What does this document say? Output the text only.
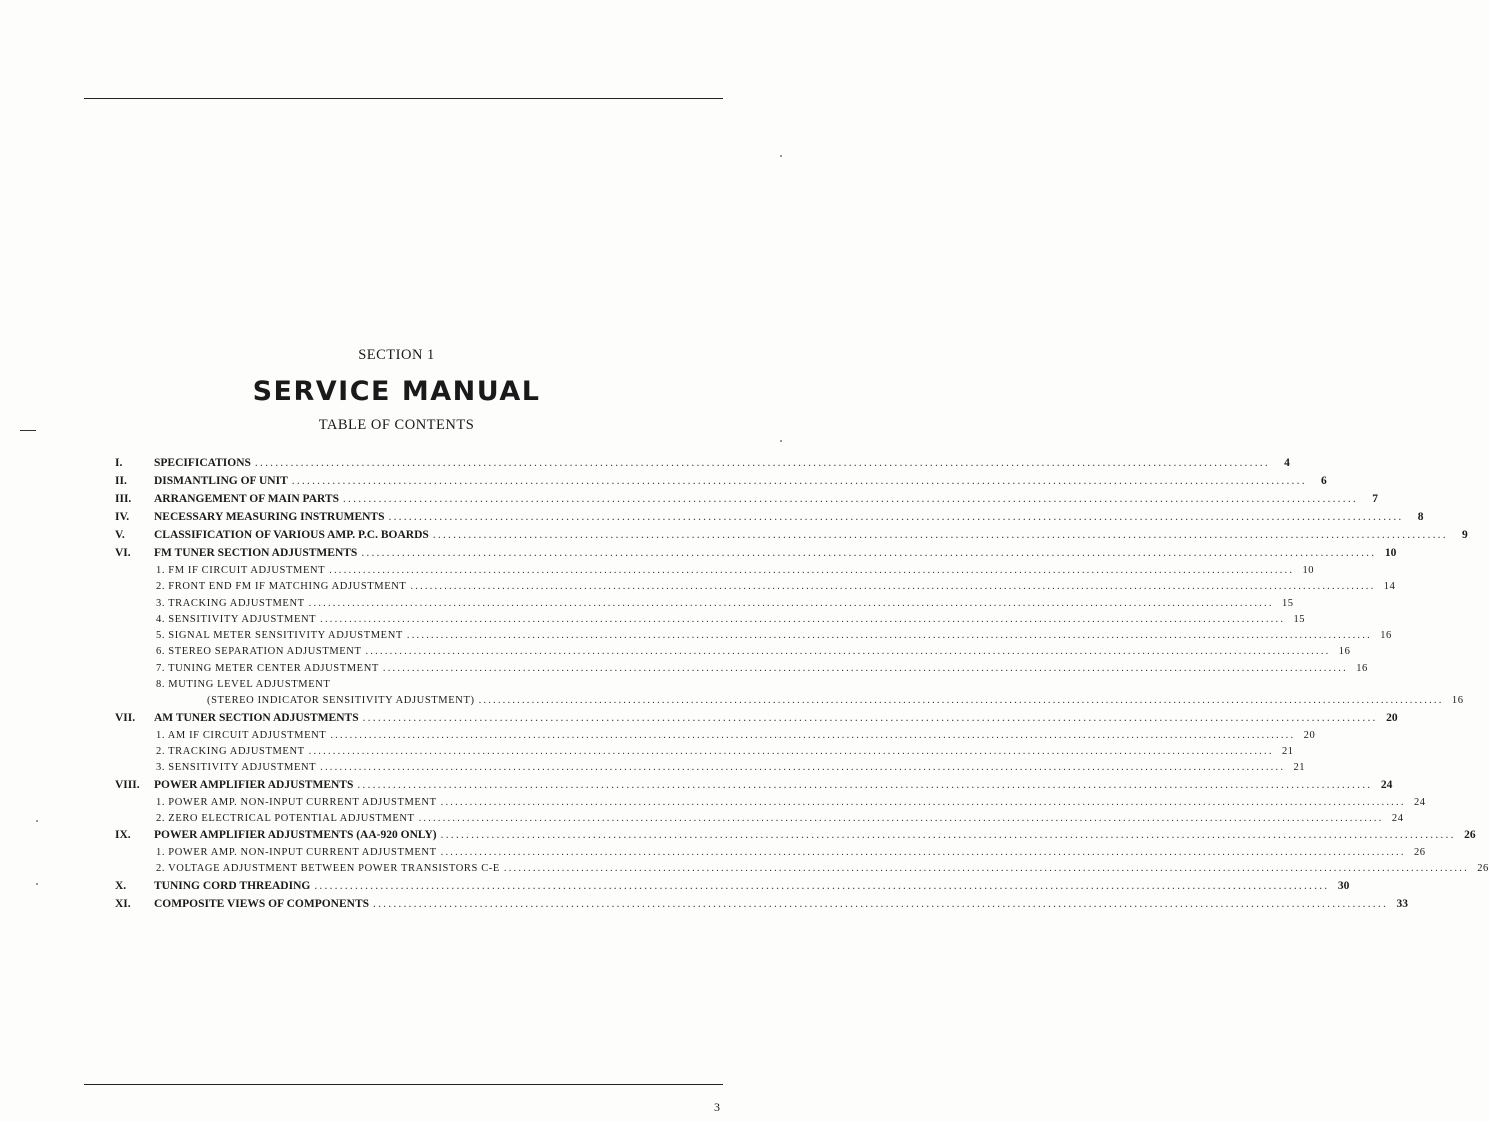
SECTION 1
SERVICE MANUAL
TABLE OF CONTENTS
I.	SPECIFICATIONS ........................................................................................................................................................................................................	4
II.	DISMANTLING OF UNIT ........................................................................................................................................................................................................	6
III.	ARRANGEMENT OF MAIN PARTS ........................................................................................................................................................................................................	7
IV.	NECESSARY MEASURING INSTRUMENTS ........................................................................................................................................................................................................	8
V.	CLASSIFICATION OF VARIOUS AMP. P.C. BOARDS ........................................................................................................................................................................................................	9
VI.	FM TUNER SECTION ADJUSTMENTS ........................................................................................................................................................................................................ 10
1. FM IF CIRCUIT ADJUSTMENT ........................................................................................................................................................................................................ 10
2. FRONT END FM IF MATCHING ADJUSTMENT ........................................................................................................................................................................................................ 14
3. TRACKING ADJUSTMENT ........................................................................................................................................................................................................ 15
4. SENSITIVITY ADJUSTMENT ........................................................................................................................................................................................................ 15
5. SIGNAL METER SENSITIVITY ADJUSTMENT ........................................................................................................................................................................................................ 16
6. STEREO SEPARATION ADJUSTMENT ........................................................................................................................................................................................................ 16
7. TUNING METER CENTER ADJUSTMENT ........................................................................................................................................................................................................ 16
8. MUTING LEVEL ADJUSTMENT
(STEREO INDICATOR SENSITIVITY ADJUSTMENT) ........................................................................................................................................................................................................ 16
VII.	AM TUNER SECTION ADJUSTMENTS ........................................................................................................................................................................................................ 20
1. AM IF CIRCUIT ADJUSTMENT ........................................................................................................................................................................................................ 20
2. TRACKING ADJUSTMENT ........................................................................................................................................................................................................ 21
3. SENSITIVITY ADJUSTMENT ........................................................................................................................................................................................................ 21
VIII.	POWER AMPLIFIER ADJUSTMENTS ........................................................................................................................................................................................................ 24
1. POWER AMP. NON-INPUT CURRENT ADJUSTMENT ........................................................................................................................................................................................................ 24
2. ZERO ELECTRICAL POTENTIAL ADJUSTMENT ........................................................................................................................................................................................................ 24
IX.	POWER AMPLIFIER ADJUSTMENTS (AA-920 ONLY) ........................................................................................................................................................................................................ 26
1. POWER AMP. NON-INPUT CURRENT ADJUSTMENT ........................................................................................................................................................................................................ 26
2. VOLTAGE ADJUSTMENT BETWEEN POWER TRANSISTORS C-E ........................................................................................................................................................................................................ 26
X.	TUNING CORD THREADING ........................................................................................................................................................................................................ 30
XI.	COMPOSITE VIEWS OF COMPONENTS ........................................................................................................................................................................................................ 33
3
